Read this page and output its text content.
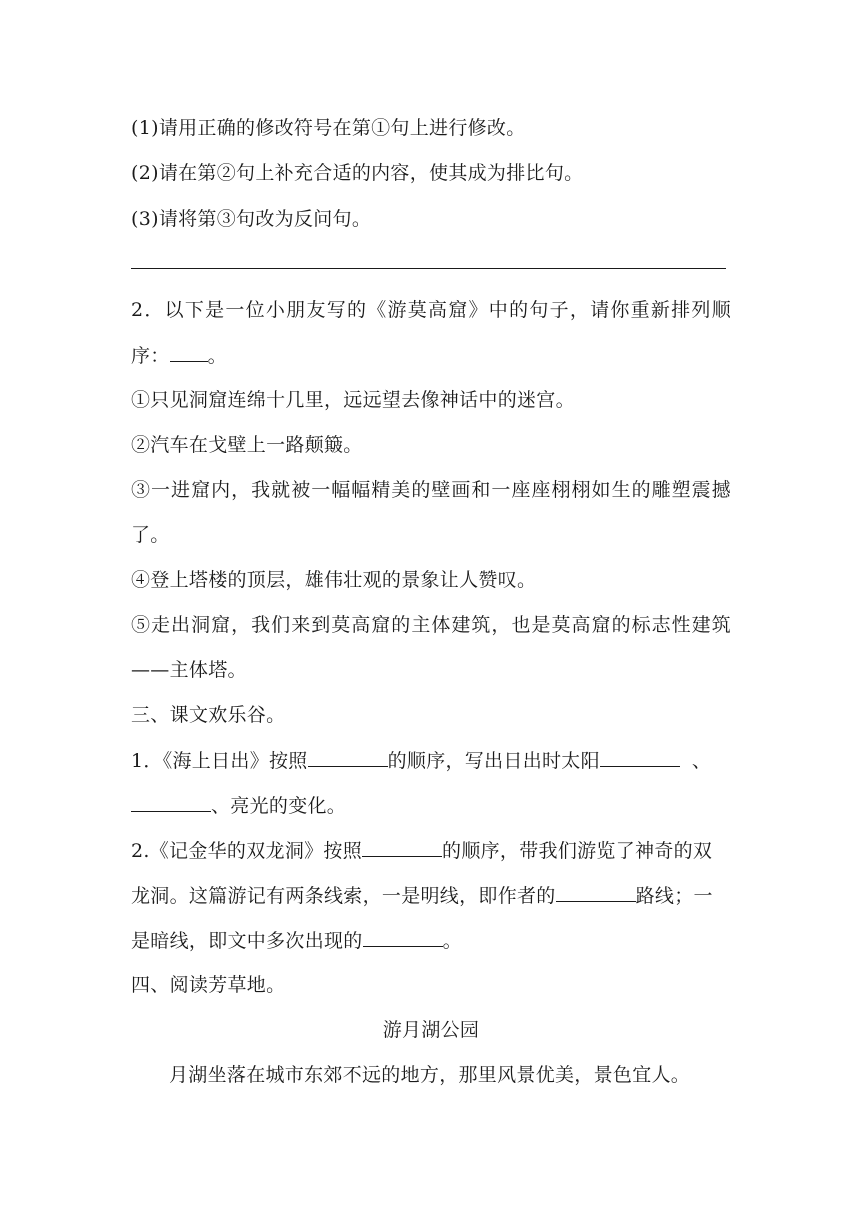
(1)请用正确的修改符号在第①句上进行修改。
(2)请在第②句上补充合适的内容，使其成为排比句。
(3)请将第③句改为反问句。
2．以下是一位小朋友写的《游莫高窟》中的句子，请你重新排列顺
序： 。
①只见洞窟连绵十几里，远远望去像神话中的迷宫。
②汽车在戈壁上一路颠簸。
③一进窟内，我就被一幅幅精美的壁画和一座座栩栩如生的雕塑震撼
了。
④登上塔楼的顶层，雄伟壮观的景象让人赞叹。
⑤走出洞窟，我们来到莫高窟的主体建筑，也是莫高窟的标志性建筑
——主体塔。
三、课文欢乐谷。
1．《海上日出》按照	的顺序，写出日出时太阳	、
、亮光的变化。
2.《记金华的双龙洞》按照	的顺序，带我们游览了神奇的双
龙洞。这篇游记有两条线索，一是明线，即作者的	路线；一
是暗线，即文中多次出现的	。
四、阅读芳草地。
游月湖公园
月湖坐落在城市东郊不远的地方，那里风景优美，景色宜人。
